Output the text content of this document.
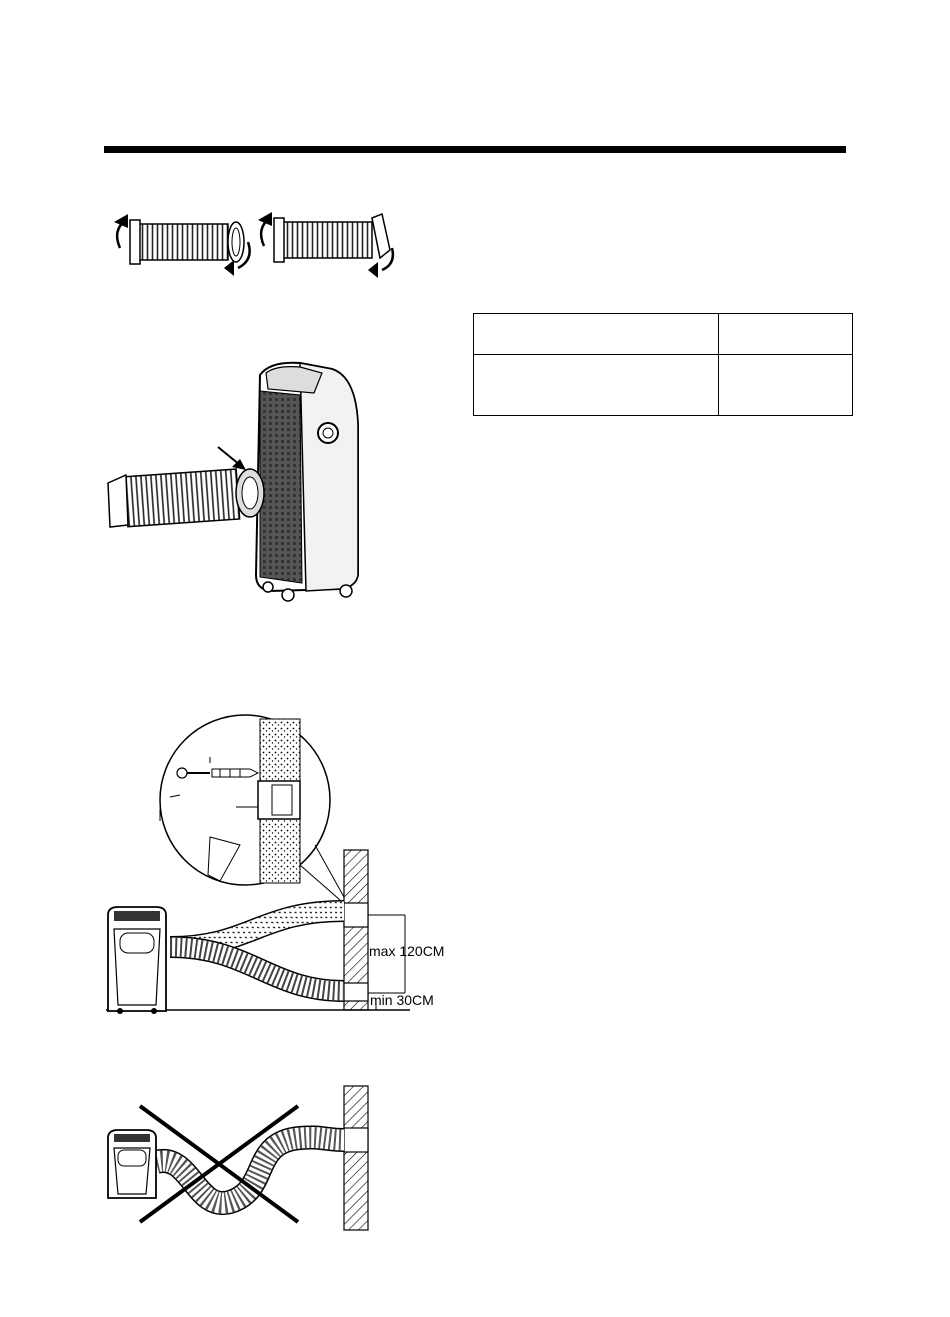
max 120CM
min 30CM
